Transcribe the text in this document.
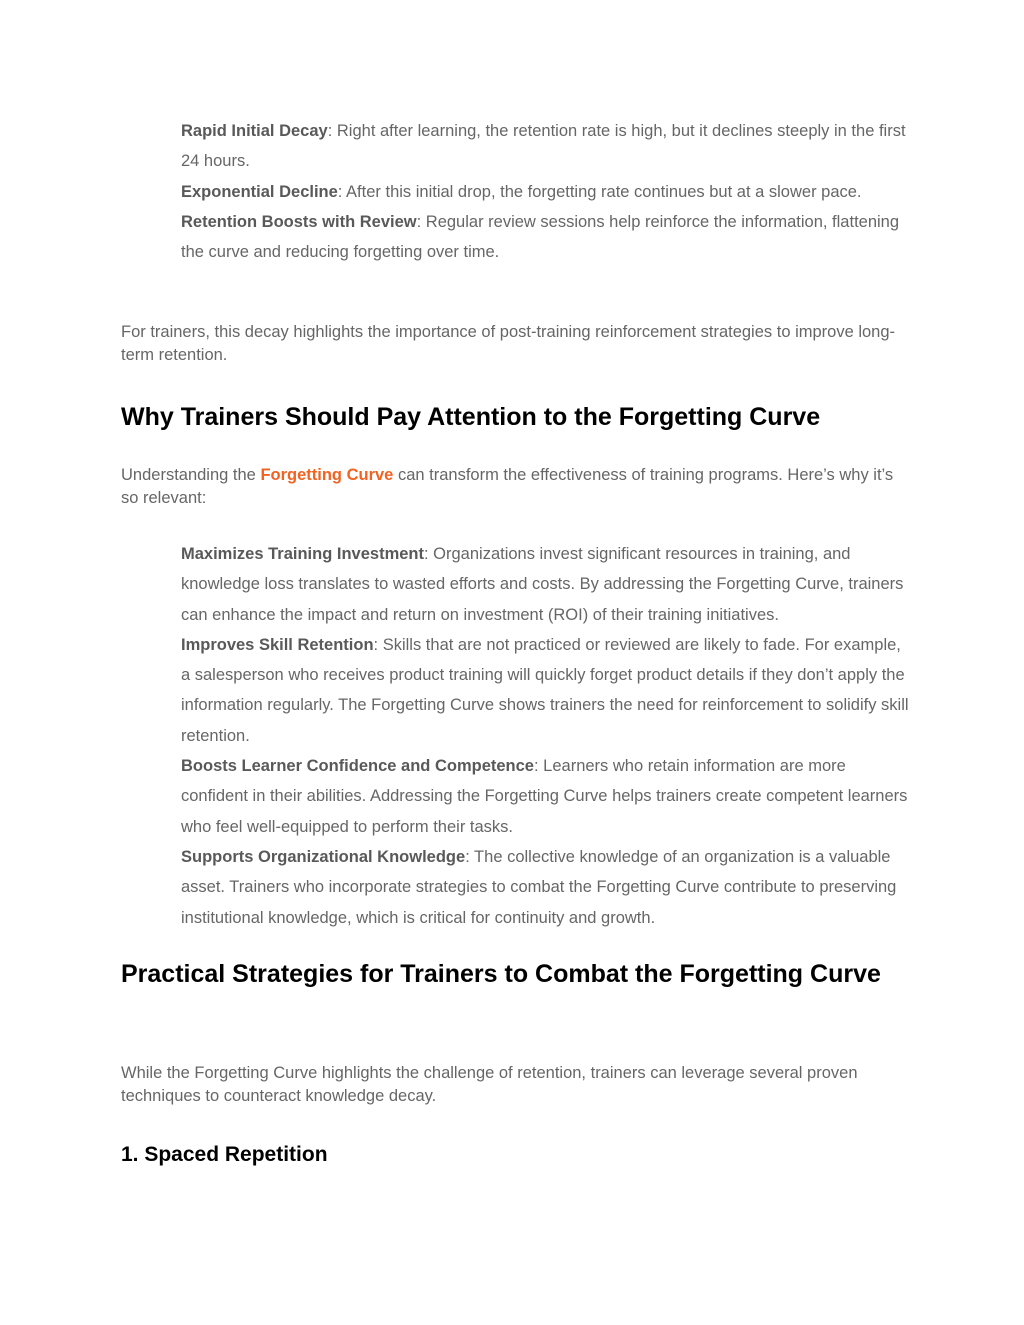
Rapid Initial Decay: Right after learning, the retention rate is high, but it declines steeply in the first 24 hours.
Exponential Decline: After this initial drop, the forgetting rate continues but at a slower pace.
Retention Boosts with Review: Regular review sessions help reinforce the information, flattening the curve and reducing forgetting over time.

For trainers, this decay highlights the importance of post-training reinforcement strategies to improve long-term retention.

Why Trainers Should Pay Attention to the Forgetting Curve

Understanding the Forgetting Curve can transform the effectiveness of training programs. Here’s why it’s so relevant:

Maximizes Training Investment: Organizations invest significant resources in training, and knowledge loss translates to wasted efforts and costs. By addressing the Forgetting Curve, trainers can enhance the impact and return on investment (ROI) of their training initiatives.
Improves Skill Retention: Skills that are not practiced or reviewed are likely to fade. For example, a salesperson who receives product training will quickly forget product details if they don’t apply the information regularly. The Forgetting Curve shows trainers the need for reinforcement to solidify skill retention.
Boosts Learner Confidence and Competence: Learners who retain information are more confident in their abilities. Addressing the Forgetting Curve helps trainers create competent learners who feel well-equipped to perform their tasks.
Supports Organizational Knowledge: The collective knowledge of an organization is a valuable asset. Trainers who incorporate strategies to combat the Forgetting Curve contribute to preserving institutional knowledge, which is critical for continuity and growth.
Practical Strategies for Trainers to Combat the Forgetting Curve

While the Forgetting Curve highlights the challenge of retention, trainers can leverage several proven techniques to counteract knowledge decay.

1. Spaced Repetition
